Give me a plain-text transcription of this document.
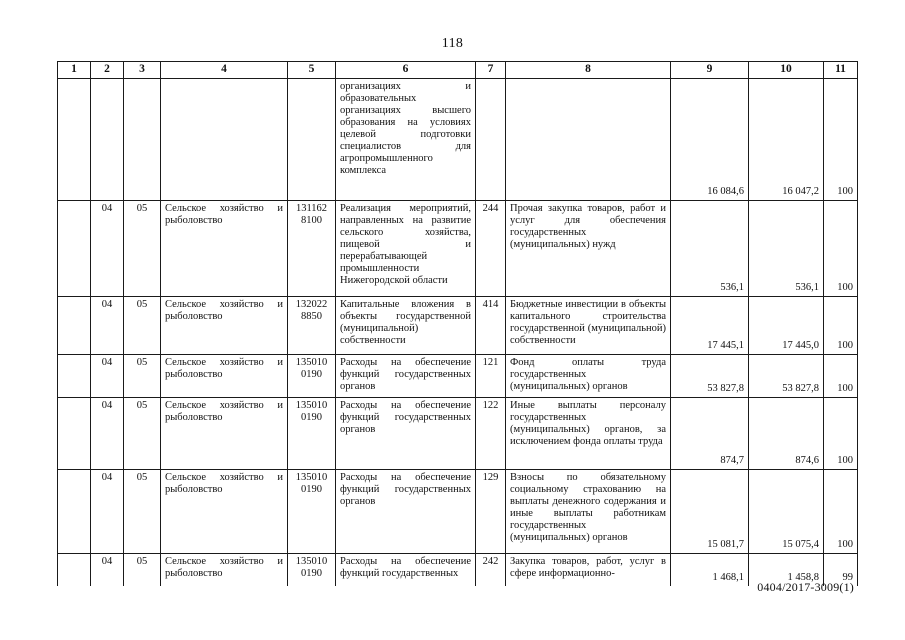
118
1	2	3	4	5	6	7	8	9	10	11
					организациях и образовательных организациях высшего образования на условиях целевой подготовки специалистов для агропромышленного комплекса			16 084,6	16 047,2	100
	04	05	Сельское хозяйство и рыболовство	131162 8100	Реализация мероприятий, направленных на развитие сельского хозяйства, пищевой и перерабатывающей промышленности Нижегородской области	244	Прочая закупка товаров, работ и услуг для обеспечения государственных (муниципальных) нужд	536,1	536,1	100
	04	05	Сельское хозяйство и рыболовство	132022 8850	Капитальные вложения в объекты государственной (муниципальной) собственности	414	Бюджетные инвестиции в объекты капитального строительства государственной (муниципальной) собственности	17 445,1	17 445,0	100
	04	05	Сельское хозяйство и рыболовство	135010 0190	Расходы на обеспечение функций государственных органов	121	Фонд оплаты труда государственных (муниципальных) органов	53 827,8	53 827,8	100
	04	05	Сельское хозяйство и рыболовство	135010 0190	Расходы на обеспечение функций государственных органов	122	Иные выплаты персоналу государственных (муниципальных) органов, за исключением фонда оплаты труда	874,7	874,6	100
	04	05	Сельское хозяйство и рыболовство	135010 0190	Расходы на обеспечение функций государственных органов	129	Взносы по обязательному социальному страхованию на выплаты денежного содержания и иные выплаты работникам государственных (муниципальных) органов	15 081,7	15 075,4	100
	04	05	Сельское хозяйство и рыболовство	135010 0190	Расходы на обеспечение функций государственных	242	Закупка товаров, работ, услуг в сфере информационно-	1 468,1	1 458,8	99
0404/2017-3009(1)
